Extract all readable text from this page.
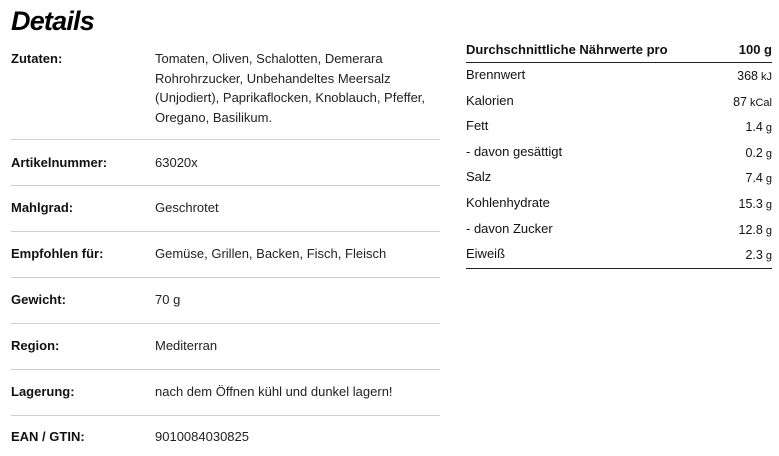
Details
Zutaten:	Tomaten, Oliven, Schalotten, Demerara Rohrohrzucker, Unbehandeltes Meersalz (Unjodiert), Paprikaflocken, Knoblauch, Pfeffer, Oregano, Basilikum.
Artikelnummer:	63020x
Mahlgrad:	Geschrotet
Empfohlen für:	Gemüse, Grillen, Backen, Fisch, Fleisch
Gewicht:	70 g
Region:	Mediterran
Lagerung:	nach dem Öffnen kühl und dunkel lagern!
EAN / GTIN:	9010084030825
Durchschnittliche Nährwerte pro	100 g
Brennwert	368 kJ
Kalorien	87 kCal
Fett	1.4 g
- davon gesättigt	0.2 g
Salz	7.4 g
Kohlenhydrate	15.3 g
- davon Zucker	12.8 g
Eiweiß	2.3 g
